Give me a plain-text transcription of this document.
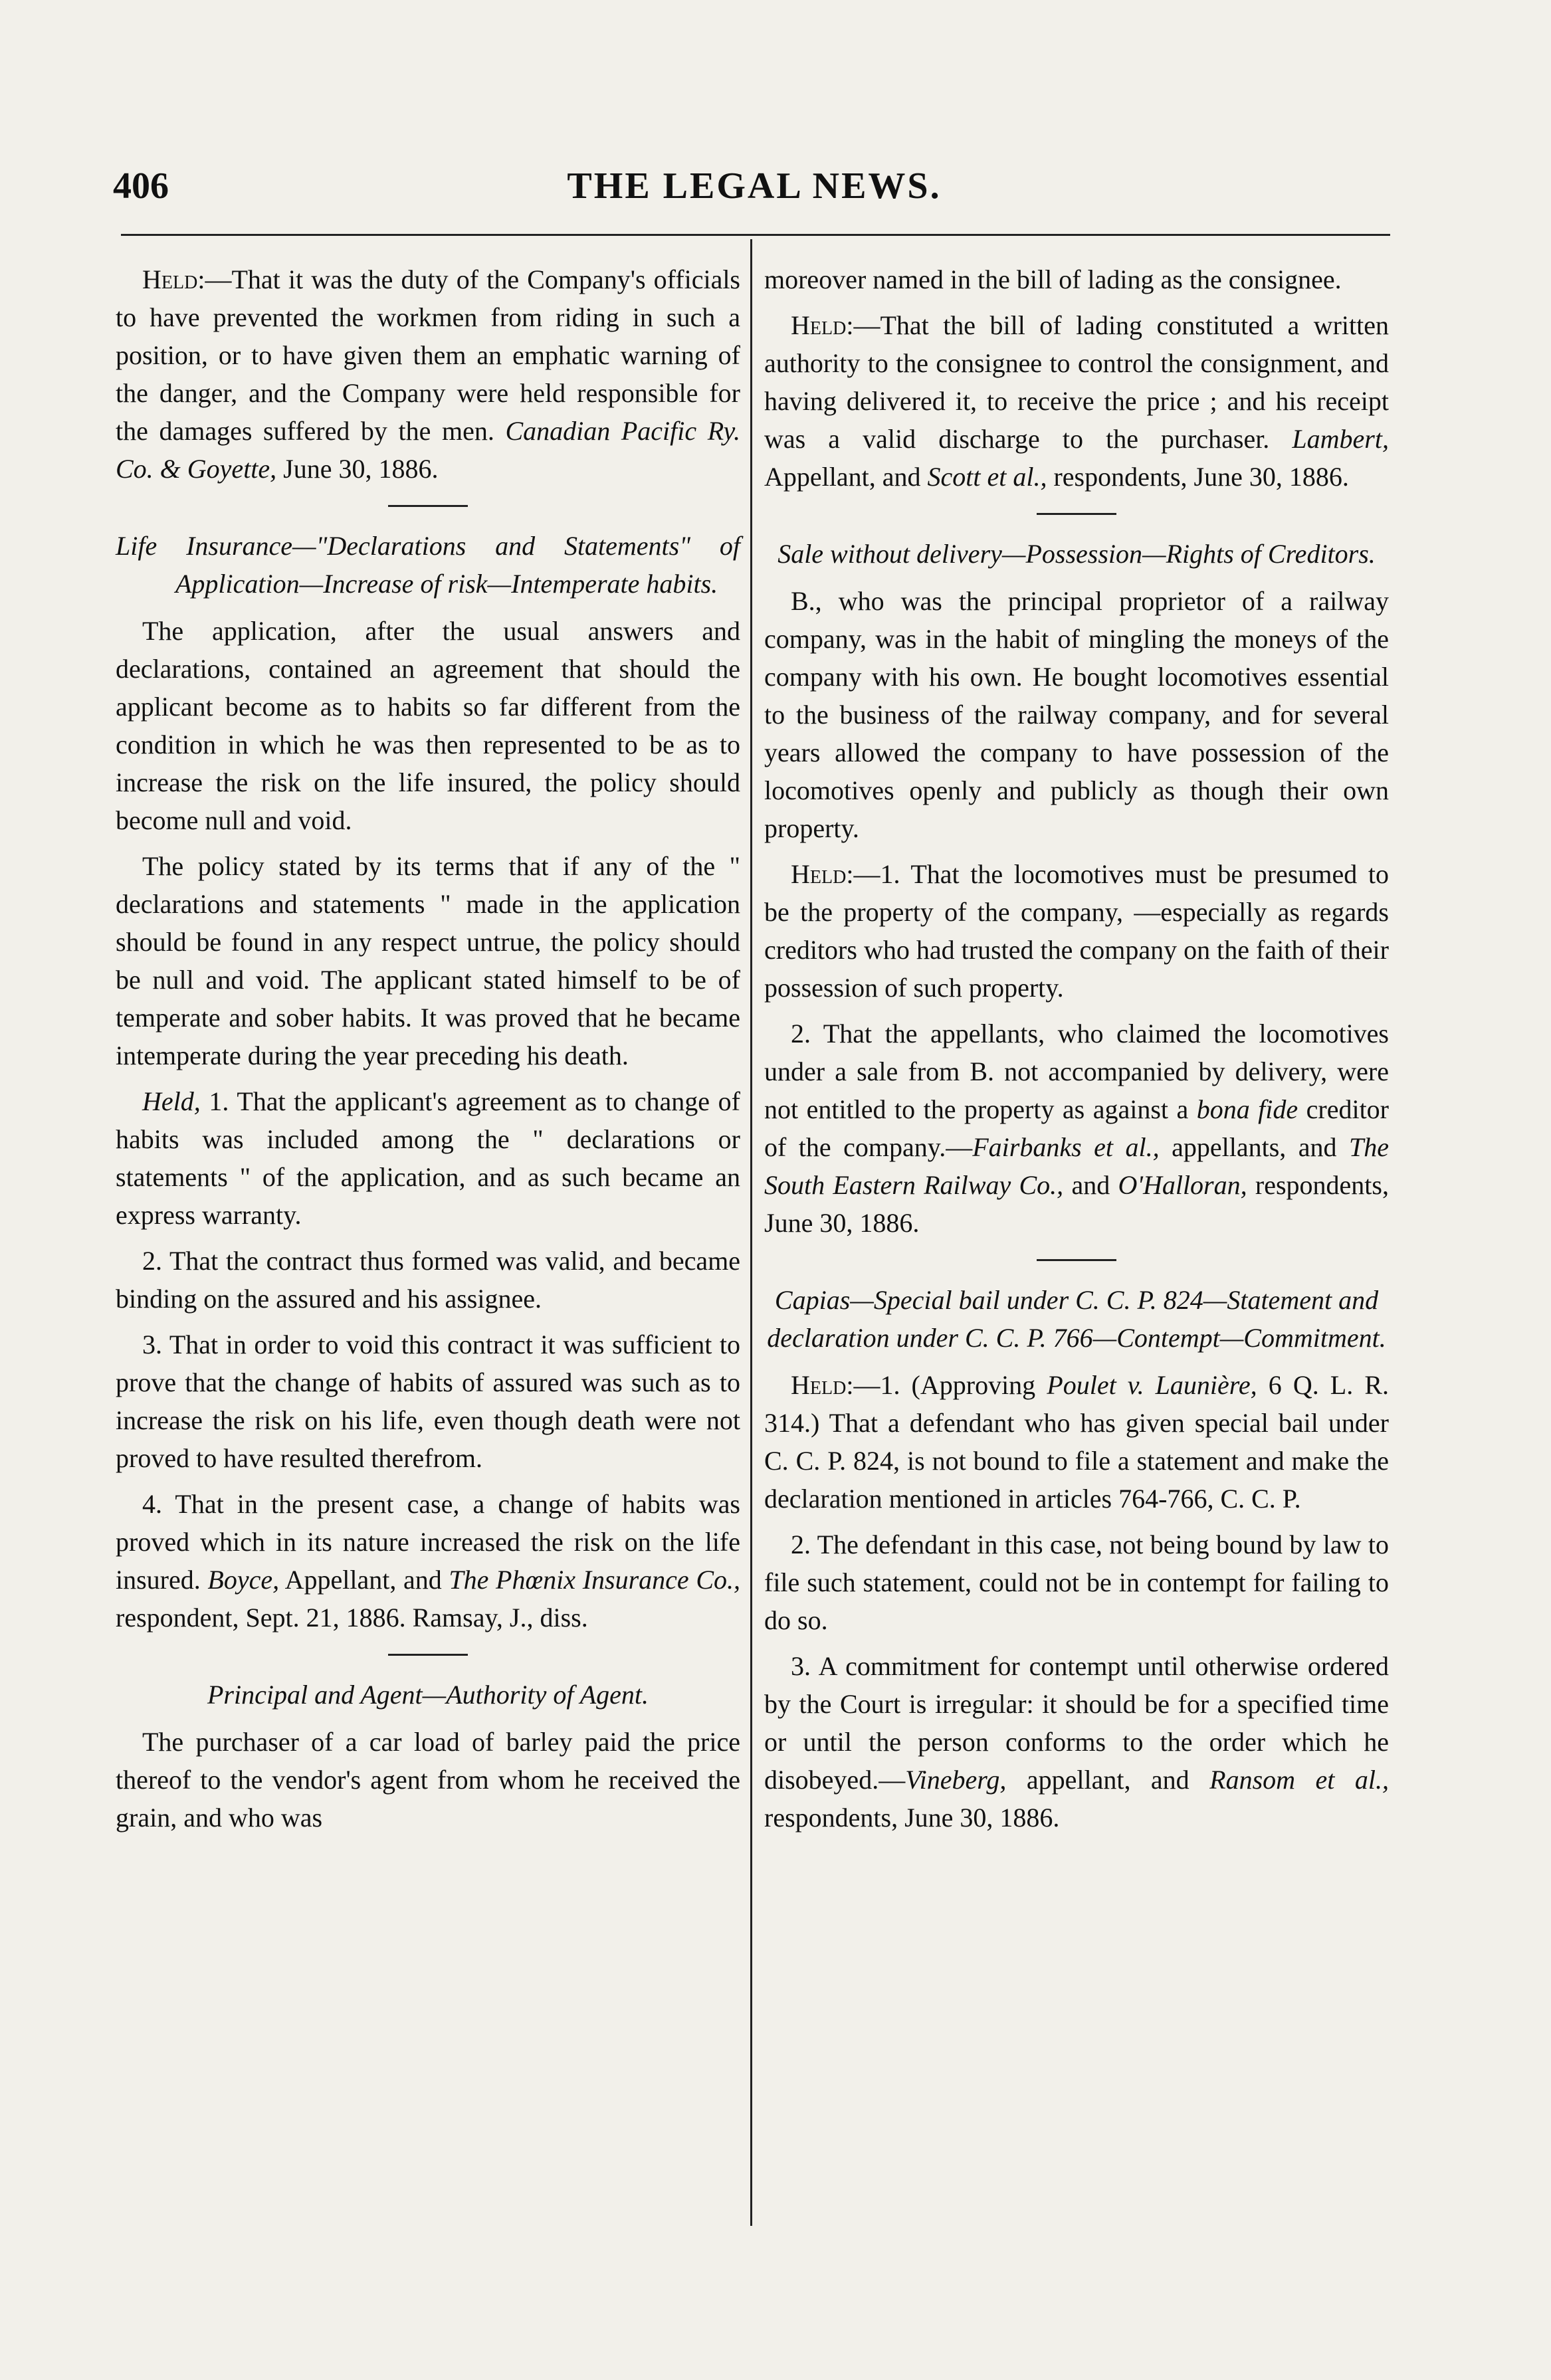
406	THE LEGAL NEWS.

Held:—That it was the duty of the Company's officials to have prevented the workmen from riding in such a position, or to have given them an emphatic warning of the danger, and the Company were held responsible for the damages suffered by the men. Canadian Pacific Ry. Co. & Goyette, June 30, 1886.

Life Insurance—"Declarations and Statements" of Application—Increase of risk—Intemperate habits.

The application, after the usual answers and declarations, contained an agreement that should the applicant become as to habits so far different from the condition in which he was then represented to be as to increase the risk on the life insured, the policy should become null and void.

The policy stated by its terms that if any of the " declarations and statements " made in the application should be found in any respect untrue, the policy should be null and void. The applicant stated himself to be of temperate and sober habits. It was proved that he became intemperate during the year preceding his death.

Held, 1. That the applicant's agreement as to change of habits was included among the " declarations or statements " of the application, and as such became an express warranty.

2. That the contract thus formed was valid, and became binding on the assured and his assignee.

3. That in order to void this contract it was sufficient to prove that the change of habits of assured was such as to increase the risk on his life, even though death were not proved to have resulted therefrom.

4. That in the present case, a change of habits was proved which in its nature increased the risk on the life insured. Boyce, Appellant, and The Phœnix Insurance Co., respondent, Sept. 21, 1886. Ramsay, J., diss.

Principal and Agent—Authority of Agent.

The purchaser of a car load of barley paid the price thereof to the vendor's agent from whom he received the grain, and who was

moreover named in the bill of lading as the consignee.

Held:—That the bill of lading constituted a written authority to the consignee to control the consignment, and having delivered it, to receive the price ; and his receipt was a valid discharge to the purchaser. Lambert, Appellant, and Scott et al., respondents, June 30, 1886.

Sale without delivery—Possession—Rights of Creditors.

B., who was the principal proprietor of a railway company, was in the habit of mingling the moneys of the company with his own. He bought locomotives essential to the business of the railway company, and for several years allowed the company to have possession of the locomotives openly and publicly as though their own property.

Held:—1. That the locomotives must be presumed to be the property of the company, —especially as regards creditors who had trusted the company on the faith of their possession of such property.

2. That the appellants, who claimed the locomotives under a sale from B. not accompanied by delivery, were not entitled to the property as against a bona fide creditor of the company.—Fairbanks et al., appellants, and The South Eastern Railway Co., and O'Halloran, respondents, June 30, 1886.

Capias—Special bail under C. C. P. 824—Statement and declaration under C. C. P. 766—Contempt—Commitment.

Held:—1. (Approving Poulet v. Launière, 6 Q. L. R. 314.) That a defendant who has given special bail under C. C. P. 824, is not bound to file a statement and make the declaration mentioned in articles 764-766, C. C. P.

2. The defendant in this case, not being bound by law to file such statement, could not be in contempt for failing to do so.

3. A commitment for contempt until otherwise ordered by the Court is irregular: it should be for a specified time or until the person conforms to the order which he disobeyed.—Vineberg, appellant, and Ransom et al., respondents, June 30, 1886.
